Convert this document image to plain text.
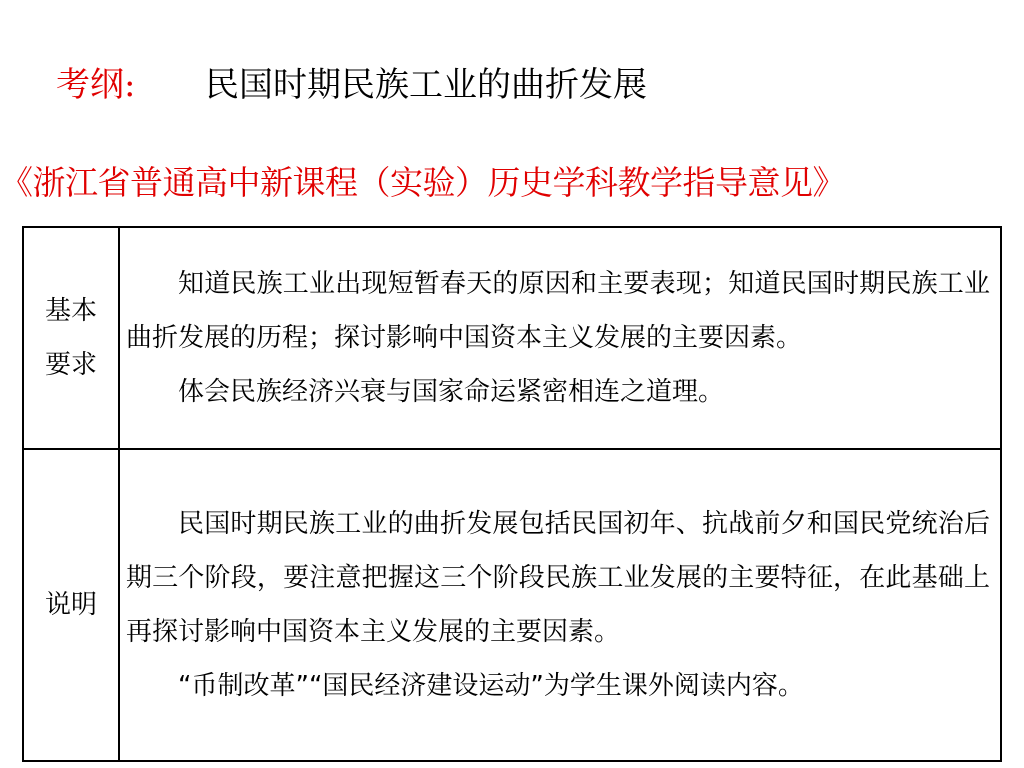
考纲: 民国时期民族工业的曲折发展
《浙江省普通高中新课程（实验）历史学科教学指导意见》
基本要求	知道民族工业出现短暂春天的原因和主要表现；知道民国时期民族工业曲折发展的历程；探讨影响中国资本主义发展的主要因素。

体会民族经济兴衰与国家命运紧密相连之道理。

说明	民国时期民族工业的曲折发展包括民国初年、抗战前夕和国民党统治后期三个阶段，要注意把握这三个阶段民族工业发展的主要特征，在此基础上再探讨影响中国资本主义发展的主要因素。

“币制改革”“国民经济建设运动”为学生课外阅读内容。
